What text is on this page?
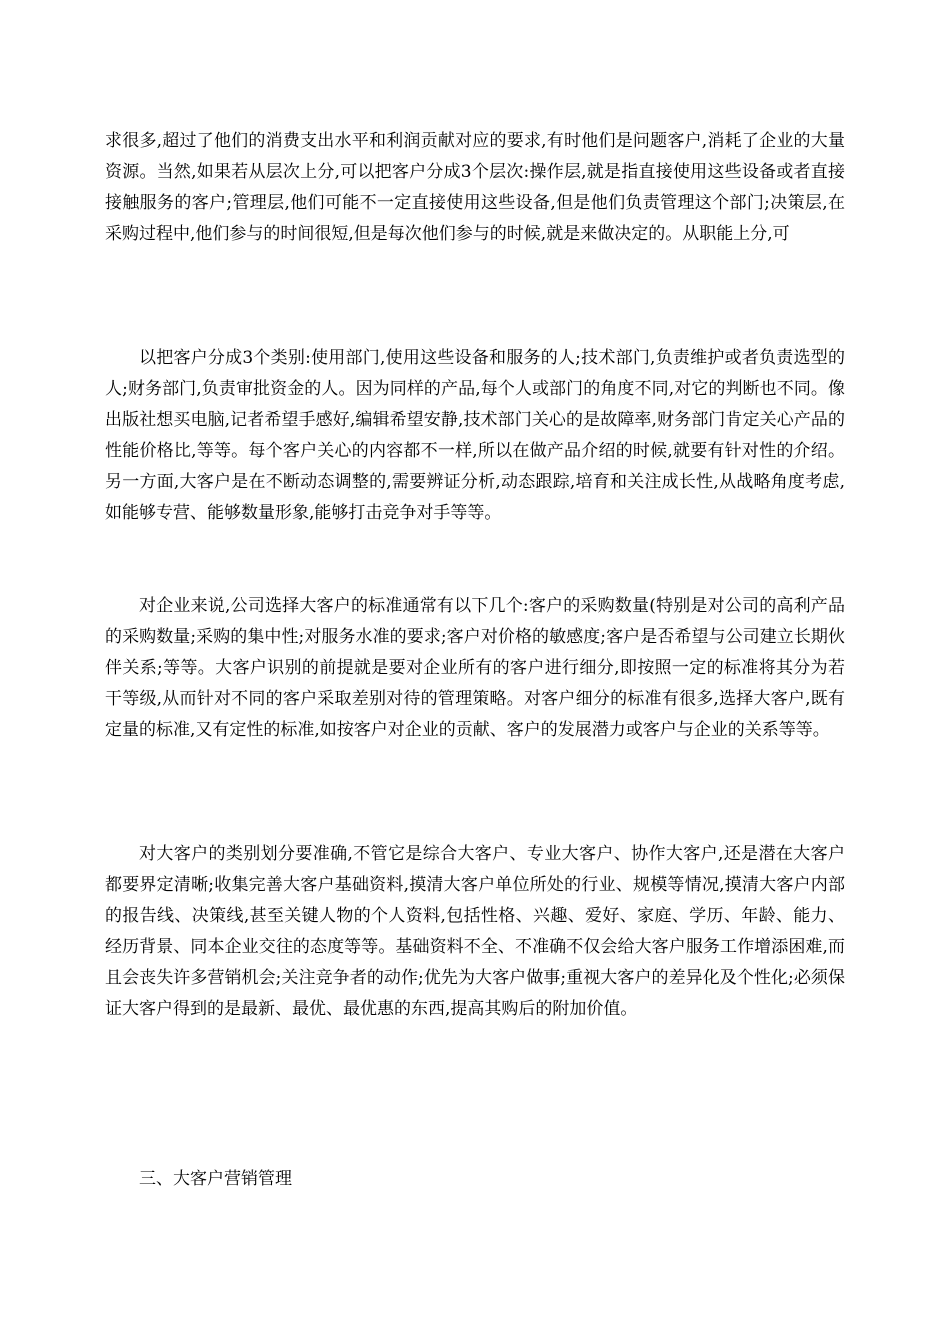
求很多,超过了他们的消费支出水平和利润贡献对应的要求,有时他们是问题客户,消耗了企业的大量资源。当然,如果若从层次上分,可以把客户分成3个层次:操作层,就是指直接使用这些设备或者直接接触服务的客户;管理层,他们可能不一定直接使用这些设备,但是他们负责管理这个部门;决策层,在采购过程中,他们参与的时间很短,但是每次他们参与的时候,就是来做决定的。从职能上分,可

以把客户分成3个类别:使用部门,使用这些设备和服务的人;技术部门,负责维护或者负责选型的人;财务部门,负责审批资金的人。因为同样的产品,每个人或部门的角度不同,对它的判断也不同。像出版社想买电脑,记者希望手感好,编辑希望安静,技术部门关心的是故障率,财务部门肯定关心产品的性能价格比,等等。每个客户关心的内容都不一样,所以在做产品介绍的时候,就要有针对性的介绍。另一方面,大客户是在不断动态调整的,需要辨证分析,动态跟踪,培育和关注成长性,从战略角度考虑,如能够专营、能够数量形象,能够打击竞争对手等等。

对企业来说,公司选择大客户的标准通常有以下几个:客户的采购数量(特别是对公司的高利产品的采购数量;采购的集中性;对服务水准的要求;客户对价格的敏感度;客户是否希望与公司建立长期伙伴关系;等等。大客户识别的前提就是要对企业所有的客户进行细分,即按照一定的标准将其分为若干等级,从而针对不同的客户采取差别对待的管理策略。对客户细分的标准有很多,选择大客户,既有定量的标准,又有定性的标准,如按客户对企业的贡献、客户的发展潜力或客户与企业的关系等等。

对大客户的类别划分要准确,不管它是综合大客户、专业大客户、协作大客户,还是潜在大客户都要界定清晰;收集完善大客户基础资料,摸清大客户单位所处的行业、规模等情况,摸清大客户内部的报告线、决策线,甚至关键人物的个人资料,包括性格、兴趣、爱好、家庭、学历、年龄、能力、经历背景、同本企业交往的态度等等。基础资料不全、不准确不仅会给大客户服务工作增添困难,而且会丧失许多营销机会;关注竞争者的动作;优先为大客户做事;重视大客户的差异化及个性化;必须保证大客户得到的是最新、最优、最优惠的东西,提高其购后的附加价值。

三、大客户营销管理
